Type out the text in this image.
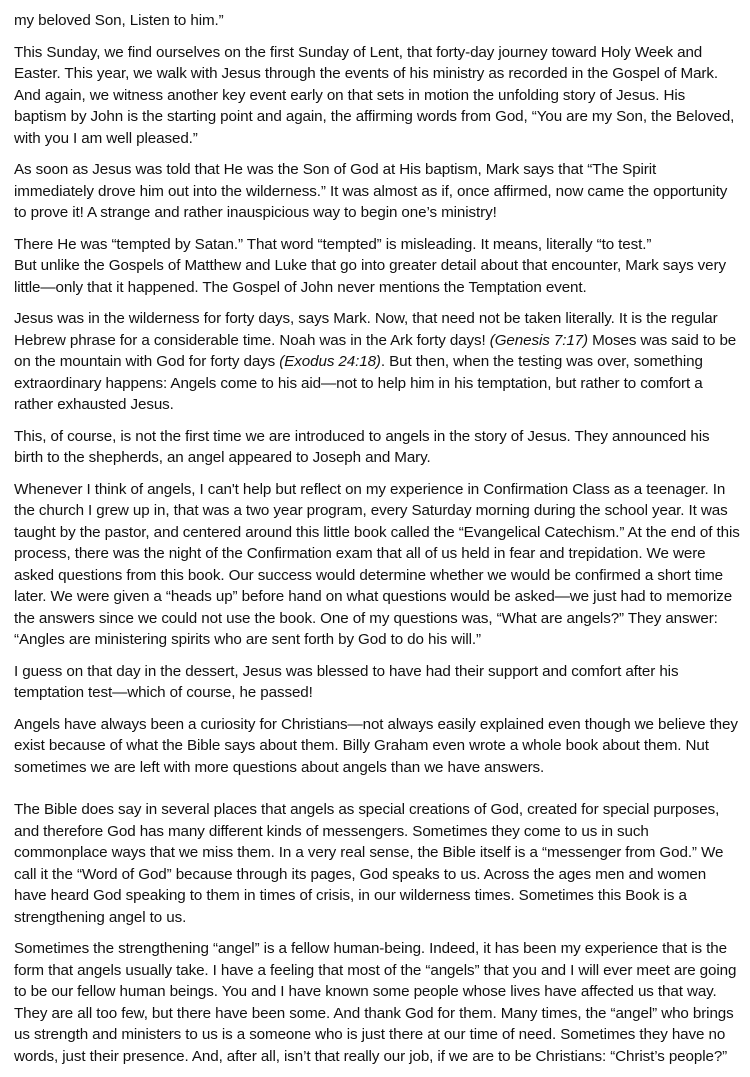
my beloved Son, Listen to him.”

This Sunday, we find ourselves on the first Sunday of Lent, that forty-day journey toward Holy Week and Easter. This year, we walk with Jesus through the events of his ministry as recorded in the Gospel of Mark. And again, we witness another key event early on that sets in motion the unfolding story of Jesus. His baptism by John is the starting point and again, the affirming words from God, “You are my Son, the Beloved, with you I am well pleased.”

As soon as Jesus was told that He was the Son of God at His baptism, Mark says that “The Spirit immediately drove him out into the wilderness.” It was almost as if, once affirmed, now came the opportunity to prove it! A strange and rather inauspicious way to begin one’s ministry!

There He was “tempted by Satan.” That word “tempted” is misleading. It means, literally “to test.”
But unlike the Gospels of Matthew and Luke that go into greater detail about that encounter, Mark says very little—only that it happened. The Gospel of John never mentions the Temptation event.

Jesus was in the wilderness for forty days, says Mark. Now, that need not be taken literally. It is the regular Hebrew phrase for a considerable time. Noah was in the Ark forty days! (Genesis 7:17) Moses was said to be on the mountain with God for forty days (Exodus 24:18). But then, when the testing was over, something extraordinary happens: Angels come to his aid—not to help him in his temptation, but rather to comfort a rather exhausted Jesus.

This, of course, is not the first time we are introduced to angels in the story of Jesus. They announced his birth to the shepherds, an angel appeared to Joseph and Mary.

Whenever I think of angels, I can't help but reflect on my experience in Confirmation Class as a teenager. In the church I grew up in, that was a two year program, every Saturday morning during the school year. It was taught by the pastor, and centered around this little book called the “Evangelical Catechism.” At the end of this process, there was the night of the Confirmation exam that all of us held in fear and trepidation. We were asked questions from this book. Our success would determine whether we would be confirmed a short time later. We were given a “heads up” before hand on what questions would be asked—we just had to memorize the answers since we could not use the book. One of my questions was, “What are angels?” They answer: “Angles are ministering spirits who are sent forth by God to do his will.”

I guess on that day in the dessert, Jesus was blessed to have had their support and comfort after his temptation test—which of course, he passed!

Angels have always been a curiosity for Christians—not always easily explained even though we believe they exist because of what the Bible says about them. Billy Graham even wrote a whole book about them. Nut sometimes we are left with more questions about angels than we have answers.

The Bible does say in several places that angels as special creations of God, created for special purposes, and therefore God has many different kinds of messengers. Sometimes they come to us in such commonplace ways that we miss them. In a very real sense, the Bible itself is a “messenger from God.” We call it the “Word of God” because through its pages, God speaks to us. Across the ages men and women have heard God speaking to them in times of crisis, in our wilderness times. Sometimes this Book is a strengthening angel to us.

Sometimes the strengthening “angel” is a fellow human-being. Indeed, it has been my experience that is the form that angels usually take. I have a feeling that most of the “angels” that you and I will ever meet are going to be our fellow human beings. You and I have known some people whose lives have affected us that way. They are all too few, but there have been some. And thank God for them. Many times, the “angel” who brings us strength and ministers to us is a someone who is just there at our time of need. Sometimes they have no words, just their presence. And, after all, isn’t that really our job, if we are to be Christians: “Christ’s people?”
